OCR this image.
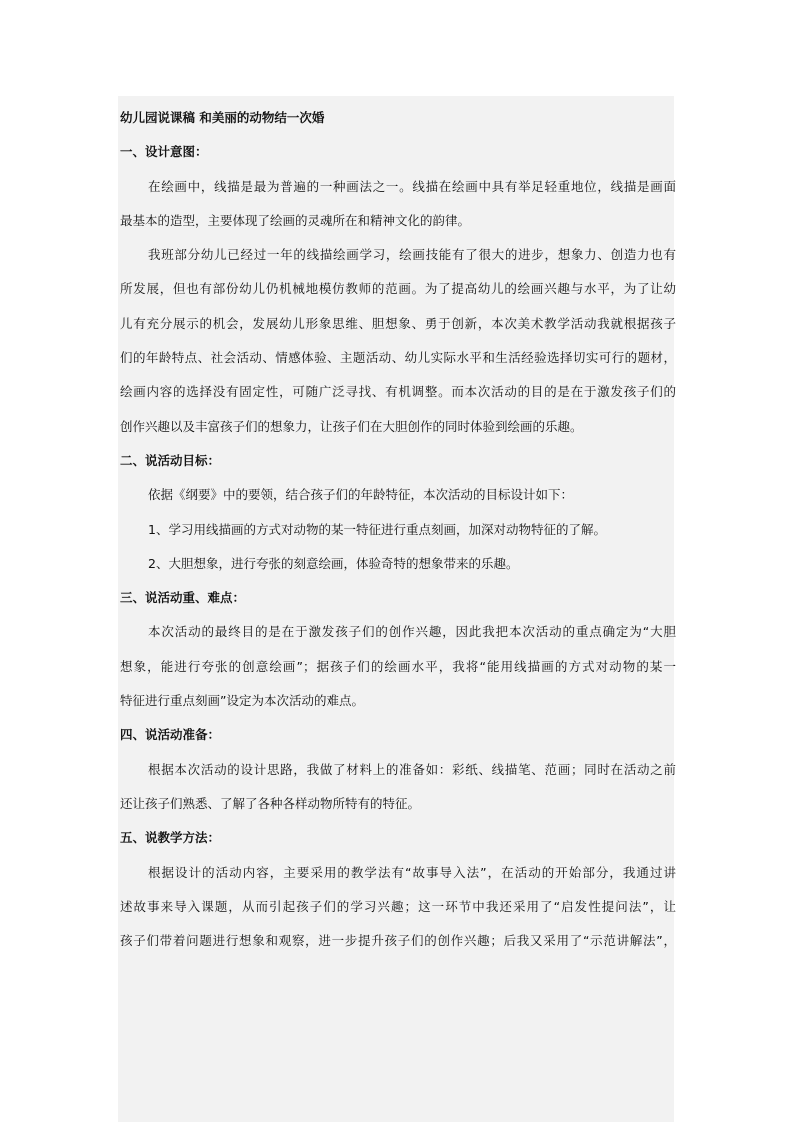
幼儿园说课稿 和美丽的动物结一次婚
一、设计意图：
在绘画中，线描是最为普遍的一种画法之一。线描在绘画中具有举足轻重地位，线描是画面
最基本的造型，主要体现了绘画的灵魂所在和精神文化的韵律。
我班部分幼儿已经过一年的线描绘画学习，绘画技能有了很大的进步，想象力、创造力也有
所发展，但也有部份幼儿仍机械地模仿教师的范画。为了提高幼儿的绘画兴趣与水平，为了让幼
儿有充分展示的机会，发展幼儿形象思维、胆想象、勇于创新，本次美术教学活动我就根据孩子
们的年龄特点、社会活动、情感体验、主题活动、幼儿实际水平和生活经验选择切实可行的题材，
绘画内容的选择没有固定性，可随广泛寻找、有机调整。而本次活动的目的是在于激发孩子们的
创作兴趣以及丰富孩子们的想象力，让孩子们在大胆创作的同时体验到绘画的乐趣。
二、说活动目标：
依据《纲要》中的要领，结合孩子们的年龄特征，本次活动的目标设计如下：
1、学习用线描画的方式对动物的某一特征进行重点刻画，加深对动物特征的了解。
2、大胆想象，进行夸张的刻意绘画，体验奇特的想象带来的乐趣。
三、说活动重、难点：
本次活动的最终目的是在于激发孩子们的创作兴趣，因此我把本次活动的重点确定为“大胆
想象，能进行夸张的创意绘画”；据孩子们的绘画水平，我将“能用线描画的方式对动物的某一
特征进行重点刻画”设定为本次活动的难点。
四、说活动准备：
根据本次活动的设计思路，我做了材料上的准备如：彩纸、线描笔、范画；同时在活动之前
还让孩子们熟悉、了解了各种各样动物所特有的特征。
五、说教学方法：
根据设计的活动内容，主要采用的教学法有“故事导入法”，在活动的开始部分，我通过讲
述故事来导入课题，从而引起孩子们的学习兴趣；这一环节中我还采用了“启发性提问法”，让
孩子们带着问题进行想象和观察，进一步提升孩子们的创作兴趣；后我又采用了“示范讲解法”，
